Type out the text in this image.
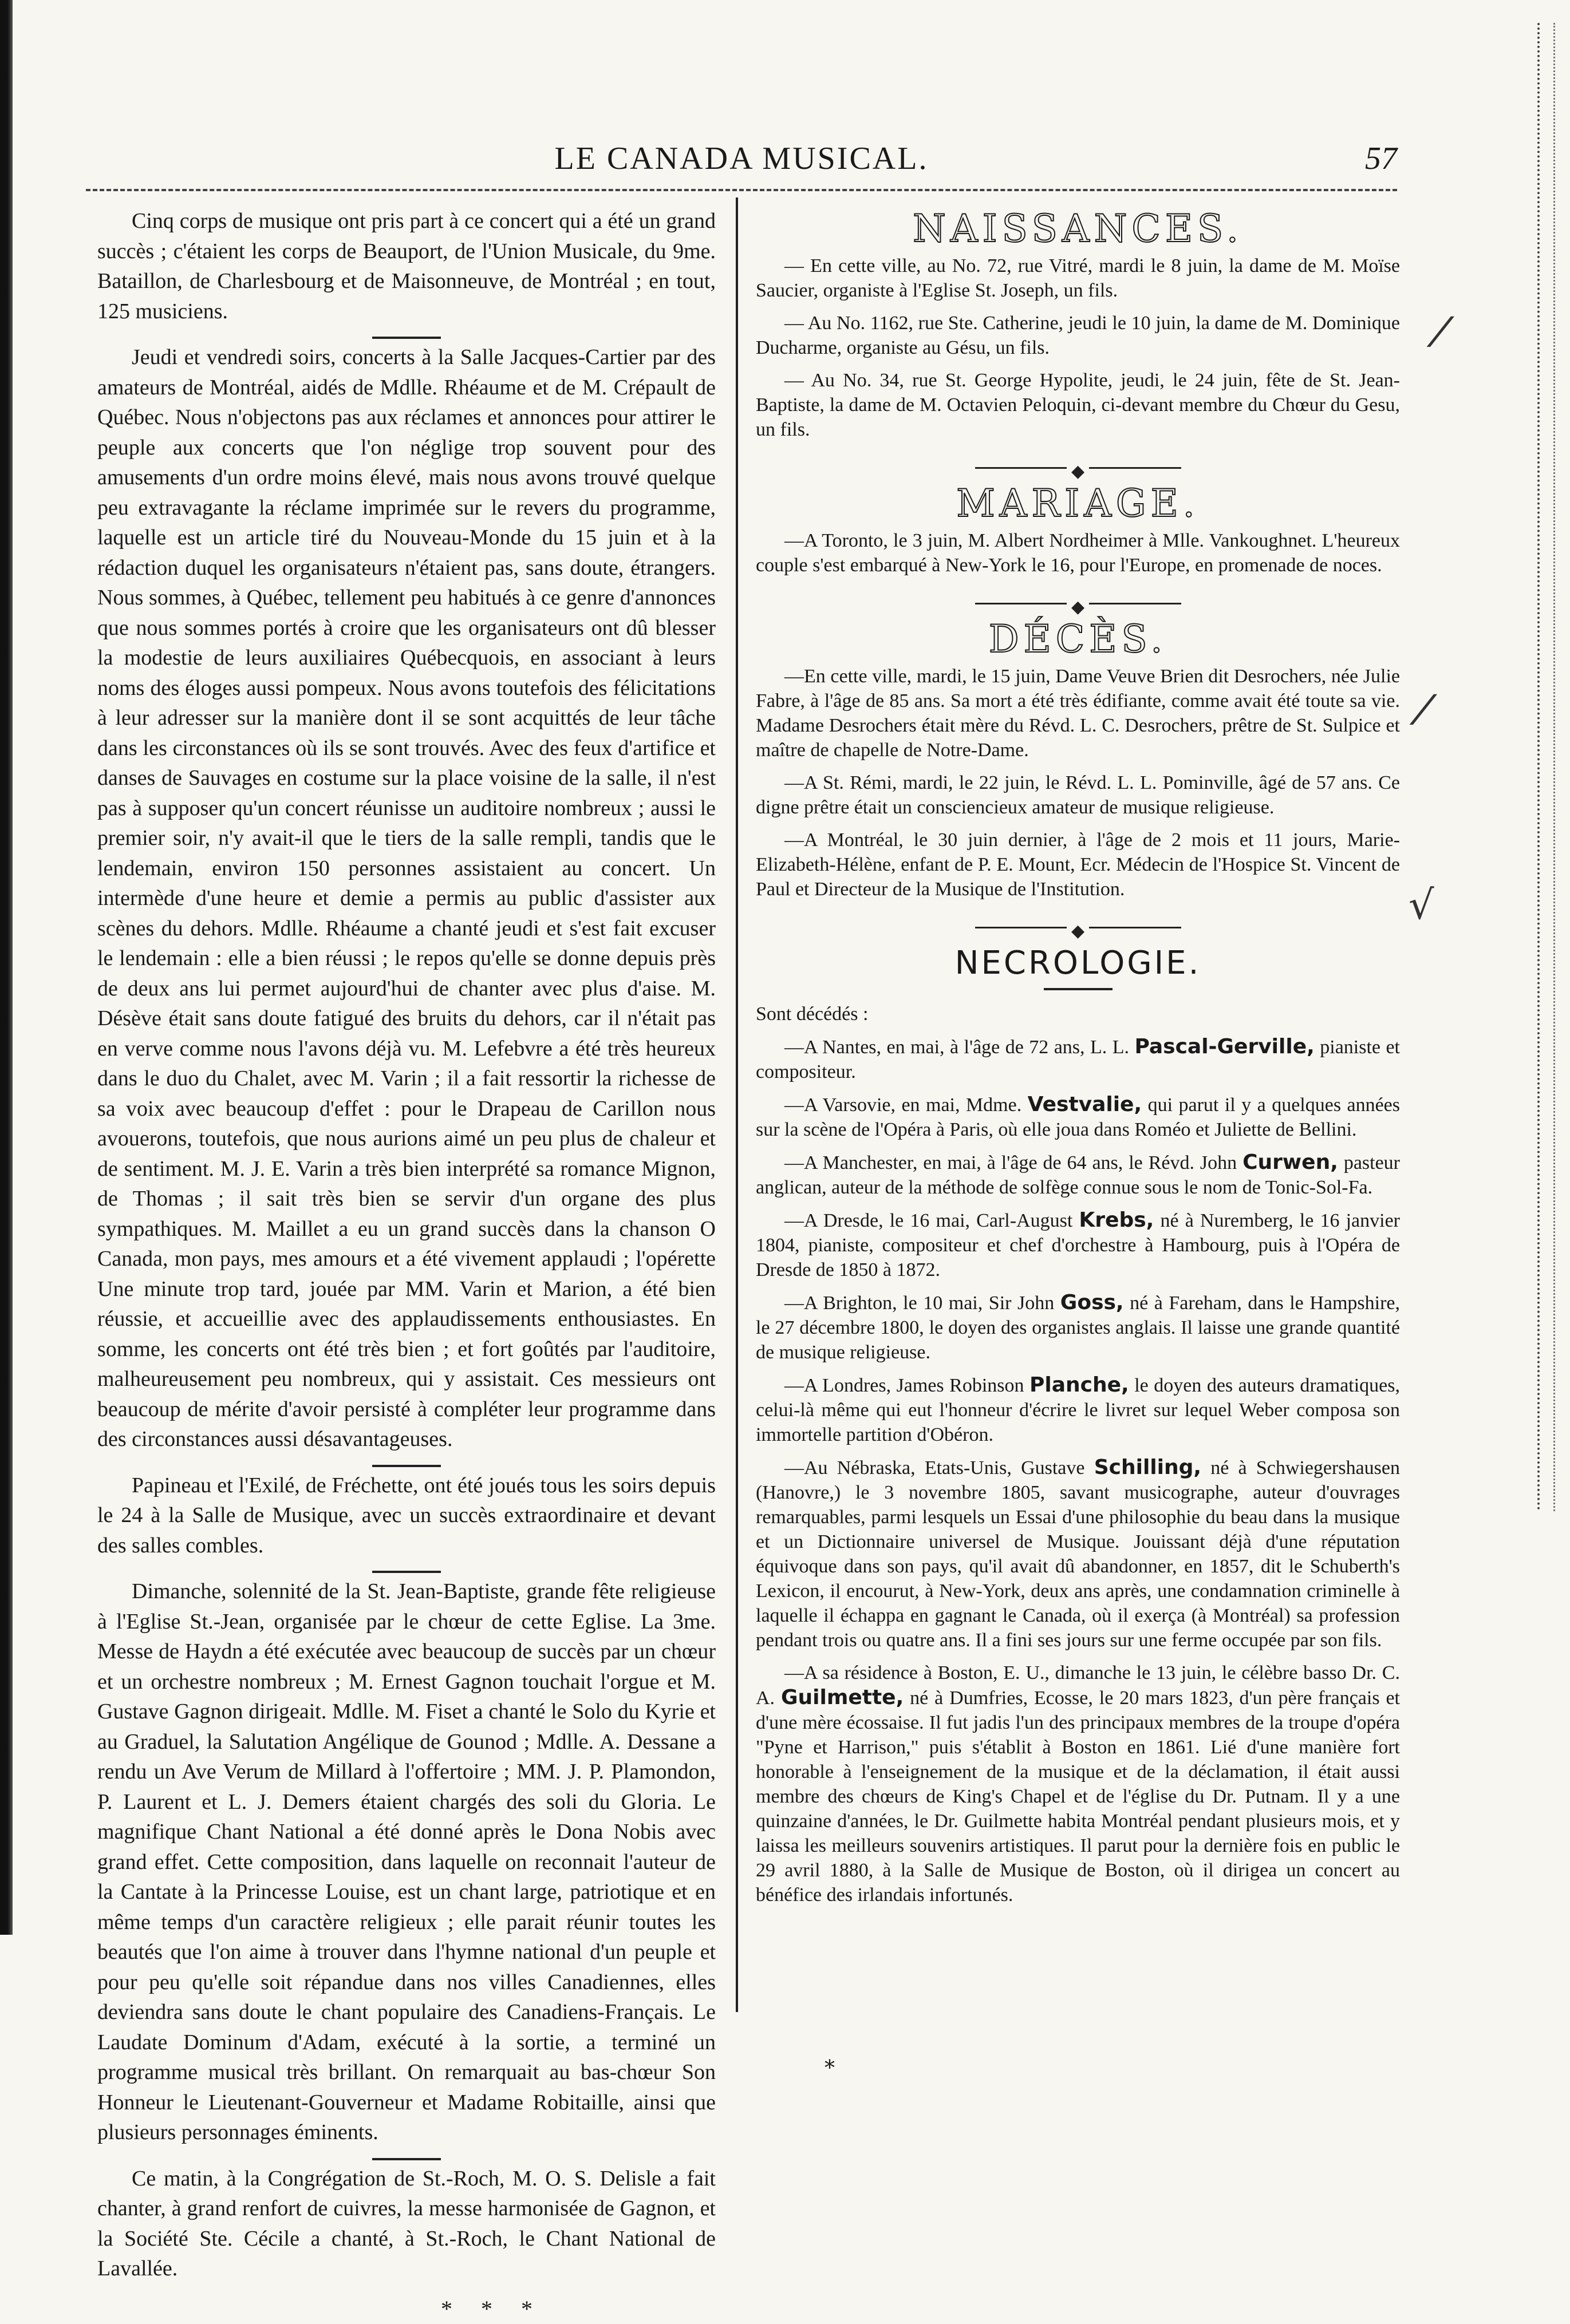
LE CANADA MUSICAL.	57

Cinq corps de musique ont pris part à ce concert qui a été un grand succès ; c'étaient les corps de Beauport, de l'Union Musicale, du 9me. Bataillon, de Charlesbourg et de Maisonneuve, de Montréal ; en tout, 125 musiciens.

Jeudi et vendredi soirs, concerts à la Salle Jacques-Cartier par des amateurs de Montréal, aidés de Mdlle. Rhéaume et de M. Crépault de Québec. Nous n'objectons pas aux réclames et annonces pour attirer le peuple aux concerts que l'on néglige trop souvent pour des amusements d'un ordre moins élevé, mais nous avons trouvé quelque peu extravagante la réclame imprimée sur le revers du programme, laquelle est un article tiré du Nouveau-Monde du 15 juin et à la rédaction duquel les organisateurs n'étaient pas, sans doute, étrangers. Nous sommes, à Québec, tellement peu habitués à ce genre d'annonces que nous sommes portés à croire que les organisateurs ont dû blesser la modestie de leurs auxiliaires Québecquois, en associant à leurs noms des éloges aussi pompeux. Nous avons toutefois des félicitations à leur adresser sur la manière dont il se sont acquittés de leur tâche dans les circonstances où ils se sont trouvés. Avec des feux d'artifice et danses de Sauvages en costume sur la place voisine de la salle, il n'est pas à supposer qu'un concert réunisse un auditoire nombreux ; aussi le premier soir, n'y avait-il que le tiers de la salle rempli, tandis que le lendemain, environ 150 personnes assistaient au concert. Un intermède d'une heure et demie a permis au public d'assister aux scènes du dehors. Mdlle. Rhéaume a chanté jeudi et s'est fait excuser le lendemain : elle a bien réussi ; le repos qu'elle se donne depuis près de deux ans lui permet aujourd'hui de chanter avec plus d'aise. M. Désève était sans doute fatigué des bruits du dehors, car il n'était pas en verve comme nous l'avons déjà vu. M. Lefebvre a été très heureux dans le duo du Chalet, avec M. Varin ; il a fait ressortir la richesse de sa voix avec beaucoup d'effet : pour le Drapeau de Carillon nous avouerons, toutefois, que nous aurions aimé un peu plus de chaleur et de sentiment. M. J. E. Varin a très bien interprété sa romance Mignon, de Thomas ; il sait très bien se servir d'un organe des plus sympathiques. M. Maillet a eu un grand succès dans la chanson O Canada, mon pays, mes amours et a été vivement applaudi ; l'opérette Une minute trop tard, jouée par MM. Varin et Marion, a été bien réussie, et accueillie avec des applaudissements enthousiastes. En somme, les concerts ont été très bien ; et fort goûtés par l'auditoire, malheureusement peu nombreux, qui y assistait. Ces messieurs ont beaucoup de mérite d'avoir persisté à compléter leur programme dans des circonstances aussi désavantageuses.

Papineau et l'Exilé, de Fréchette, ont été joués tous les soirs depuis le 24 à la Salle de Musique, avec un succès extraordinaire et devant des salles combles.

Dimanche, solennité de la St. Jean-Baptiste, grande fête religieuse à l'Eglise St.-Jean, organisée par le chœur de cette Eglise. La 3me. Messe de Haydn a été exécutée avec beaucoup de succès par un chœur et un orchestre nombreux ; M. Ernest Gagnon touchait l'orgue et M. Gustave Gagnon dirigeait. Mdlle. M. Fiset a chanté le Solo du Kyrie et au Graduel, la Salutation Angélique de Gounod ; Mdlle. A. Dessane a rendu un Ave Verum de Millard à l'offertoire ; MM. J. P. Plamondon, P. Laurent et L. J. Demers étaient chargés des soli du Gloria. Le magnifique Chant National a été donné après le Dona Nobis avec grand effet. Cette composition, dans laquelle on reconnait l'auteur de la Cantate à la Princesse Louise, est un chant large, patriotique et en même temps d'un caractère religieux ; elle parait réunir toutes les beautés que l'on aime à trouver dans l'hymne national d'un peuple et pour peu qu'elle soit répandue dans nos villes Canadiennes, elles deviendra sans doute le chant populaire des Canadiens-Français. Le Laudate Dominum d'Adam, exécuté à la sortie, a terminé un programme musical très brillant. On remarquait au bas-chœur Son Honneur le Lieutenant-Gouverneur et Madame Robitaille, ainsi que plusieurs personnages éminents.

Ce matin, à la Congrégation de St.-Roch, M. O. S. Delisle a fait chanter, à grand renfort de cuivres, la messe harmonisée de Gagnon, et la Société Ste. Cécile a chanté, à St.-Roch, le Chant National de Lavallée.

* * *
NAISSANCES.

— En cette ville, au No. 72, rue Vitré, mardi le 8 juin, la dame de M. Moïse Saucier, organiste à l'Eglise St. Joseph, un fils.

— Au No. 1162, rue Ste. Catherine, jeudi le 10 juin, la dame de M. Dominique Ducharme, organiste au Gésu, un fils.

— Au No. 34, rue St. George Hypolite, jeudi, le 24 juin, fête de St. Jean-Baptiste, la dame de M. Octavien Peloquin, ci-devant membre du Chœur du Gesu, un fils.

◆
MARIAGE.

—A Toronto, le 3 juin, M. Albert Nordheimer à Mlle. Vankoughnet. L'heureux couple s'est embarqué à New-York le 16, pour l'Europe, en promenade de noces.

◆
DÉCÈS.

—En cette ville, mardi, le 15 juin, Dame Veuve Brien dit Desrochers, née Julie Fabre, à l'âge de 85 ans. Sa mort a été très édifiante, comme avait été toute sa vie. Madame Desrochers était mère du Révd. L. C. Desrochers, prêtre de St. Sulpice et maître de chapelle de Notre-Dame.

—A St. Rémi, mardi, le 22 juin, le Révd. L. L. Pominville, âgé de 57 ans. Ce digne prêtre était un consciencieux amateur de musique religieuse.

—A Montréal, le 30 juin dernier, à l'âge de 2 mois et 11 jours, Marie-Elizabeth-Hélène, enfant de P. E. Mount, Ecr. Médecin de l'Hospice St. Vincent de Paul et Directeur de la Musique de l'Institution.

◆
NECROLOGIE.

Sont décédés :

—A Nantes, en mai, à l'âge de 72 ans, L. L. Pascal-Gerville, pianiste et compositeur.

—A Varsovie, en mai, Mdme. Vestvalie, qui parut il y a quelques années sur la scène de l'Opéra à Paris, où elle joua dans Roméo et Juliette de Bellini.

—A Manchester, en mai, à l'âge de 64 ans, le Révd. John Curwen, pasteur anglican, auteur de la méthode de solfège connue sous le nom de Tonic-Sol-Fa.

—A Dresde, le 16 mai, Carl-August Krebs, né à Nuremberg, le 16 janvier 1804, pianiste, compositeur et chef d'orchestre à Hambourg, puis à l'Opéra de Dresde de 1850 à 1872.

—A Brighton, le 10 mai, Sir John Goss, né à Fareham, dans le Hampshire, le 27 décembre 1800, le doyen des organistes anglais. Il laisse une grande quantité de musique religieuse.

—A Londres, James Robinson Planche, le doyen des auteurs dramatiques, celui-là même qui eut l'honneur d'écrire le livret sur lequel Weber composa son immortelle partition d'Obéron.

—Au Nébraska, Etats-Unis, Gustave Schilling, né à Schwiegershausen (Hanovre,) le 3 novembre 1805, savant musicographe, auteur d'ouvrages remarquables, parmi lesquels un Essai d'une philosophie du beau dans la musique et un Dictionnaire universel de Musique. Jouissant déjà d'une réputation équivoque dans son pays, qu'il avait dû abandonner, en 1857, dit le Schuberth's Lexicon, il encourut, à New-York, deux ans après, une condamnation criminelle à laquelle il échappa en gagnant le Canada, où il exerça (à Montréal) sa profession pendant trois ou quatre ans. Il a fini ses jours sur une ferme occupée par son fils.

—A sa résidence à Boston, E. U., dimanche le 13 juin, le célèbre basso Dr. C. A. Guilmette, né à Dumfries, Ecosse, le 20 mars 1823, d'un père français et d'une mère écossaise. Il fut jadis l'un des principaux membres de la troupe d'opéra "Pyne et Harrison," puis s'établit à Boston en 1861. Lié d'une manière fort honorable à l'enseignement de la musique et de la déclamation, il était aussi membre des chœurs de King's Chapel et de l'église du Dr. Putnam. Il y a une quinzaine d'années, le Dr. Guilmette habita Montréal pendant plusieurs mois, et y laissa les meilleurs souvenirs artistiques. Il parut pour la dernière fois en public le 29 avril 1880, à la Salle de Musique de Boston, où il dirigea un concert au bénéfice des irlandais infortunés.

⁄
⁄
√
⁎
